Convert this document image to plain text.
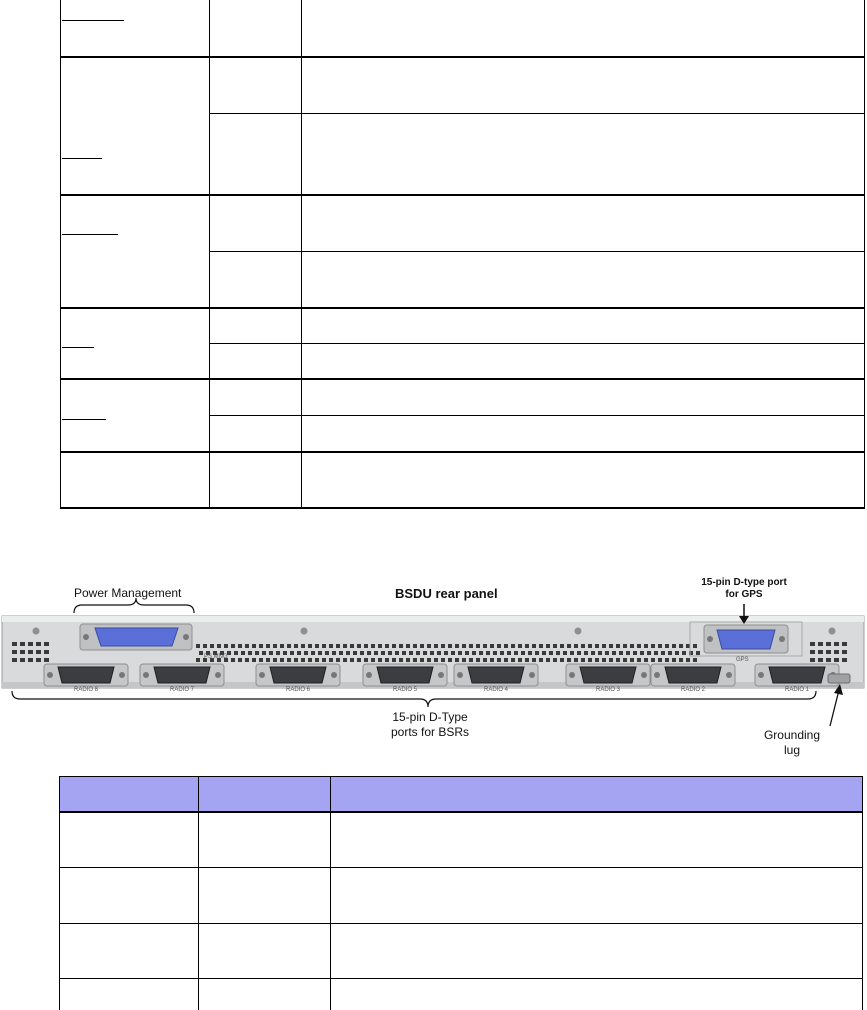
Power Management	BSDU rear panel
15-pin D-type port
for GPS
PS MNG	GPS
RADIO 8	RADIO 7	RADIO 6	RADIO 5	RADIO 4	RADIO 3	RADIO 2	RADIO 1
15-pin D-Type
ports for BSRs	Grounding
lug
